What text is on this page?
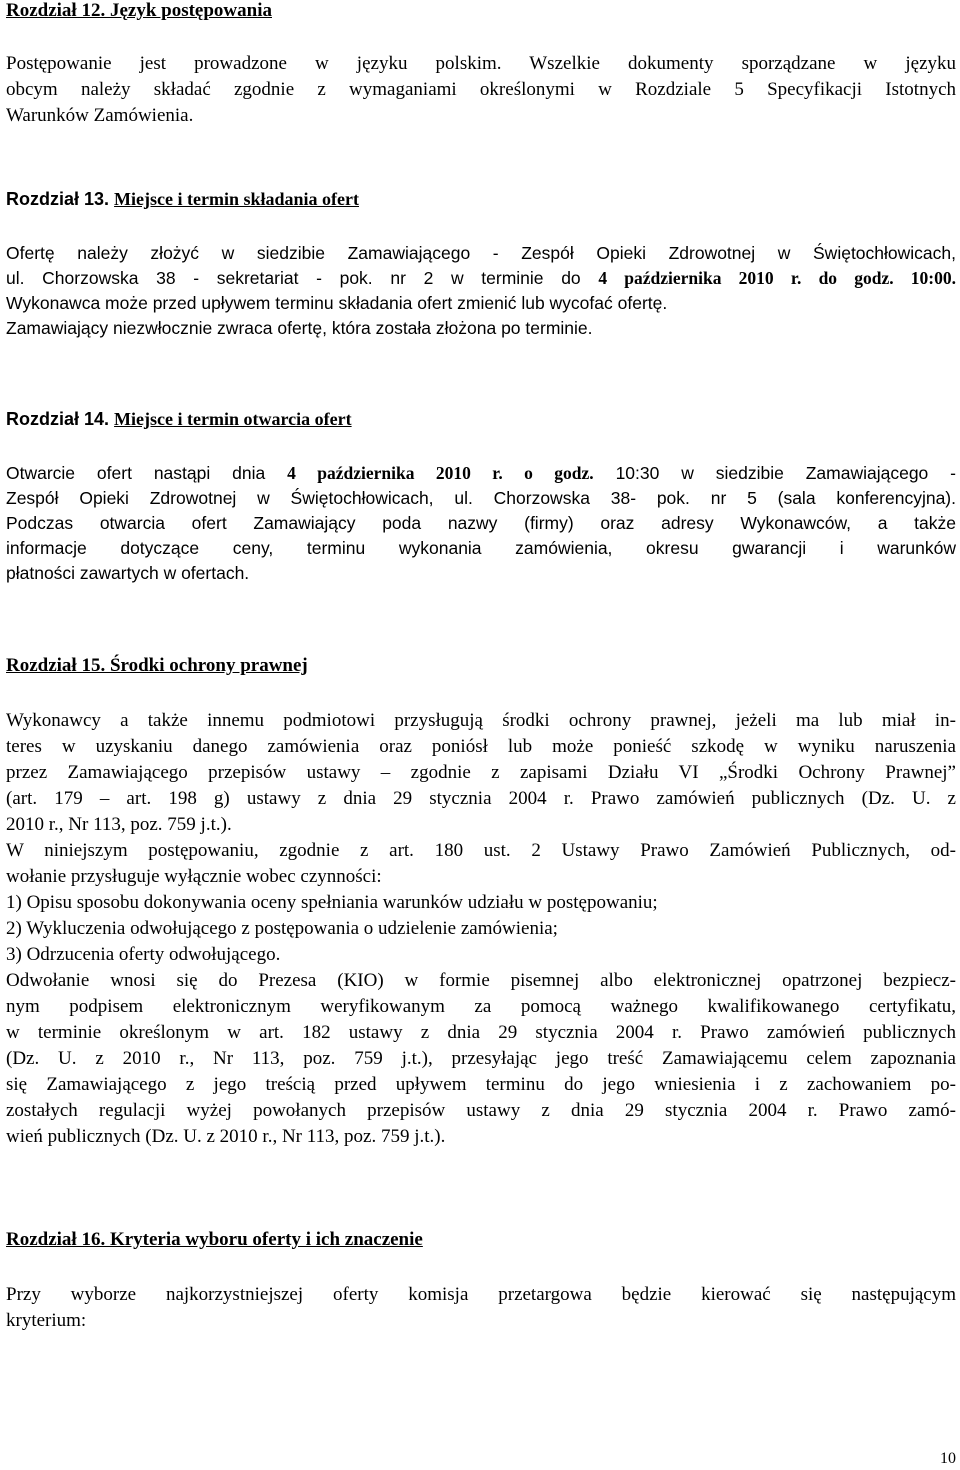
Rozdział 12. Język postępowania
Postępowanie jest prowadzone w języku polskim. Wszelkie dokumenty sporządzane w języku
obcym należy składać zgodnie z wymaganiami określonymi w Rozdziale 5 Specyfikacji Istotnych
Warunków Zamówienia.
Rozdział 13. Miejsce i termin składania ofert
Ofertę należy złożyć w siedzibie Zamawiającego - Zespół Opieki Zdrowotnej w Świętochłowicach,
ul. Chorzowska 38 - sekretariat - pok. nr 2 w terminie do 4 października 2010 r. do godz. 10:00.
Wykonawca może przed upływem terminu składania ofert zmienić lub wycofać ofertę.
Zamawiający niezwłocznie zwraca ofertę, która została złożona po terminie.
Rozdział 14. Miejsce i termin otwarcia ofert
Otwarcie ofert nastąpi dnia 4 października 2010 r. o godz. 10:30 w siedzibie Zamawiającego -
Zespół Opieki Zdrowotnej w Świętochłowicach, ul. Chorzowska 38- pok. nr 5 (sala konferencyjna).
Podczas otwarcia ofert Zamawiający poda nazwy (firmy) oraz adresy Wykonawców, a także
informacje dotyczące ceny, terminu wykonania zamówienia, okresu gwarancji i warunków
płatności zawartych w ofertach.
Rozdział 15. Środki ochrony prawnej
Wykonawcy a także innemu podmiotowi przysługują środki ochrony prawnej, jeżeli ma lub miał in-
teres w uzyskaniu danego zamówienia oraz poniósł lub może ponieść szkodę w wyniku naruszenia
przez Zamawiającego przepisów ustawy – zgodnie z zapisami Działu VI „Środki Ochrony Prawnej”
(art. 179 – art. 198 g) ustawy z dnia 29 stycznia 2004 r. Prawo zamówień publicznych (Dz. U. z
2010 r., Nr 113, poz. 759 j.t.).
W niniejszym postępowaniu, zgodnie z art. 180 ust. 2 Ustawy Prawo Zamówień Publicznych, od-
wołanie przysługuje wyłącznie wobec czynności:
1) Opisu sposobu dokonywania oceny spełniania warunków udziału w postępowaniu;
2) Wykluczenia odwołującego z postępowania o udzielenie zamówienia;
3) Odrzucenia oferty odwołującego.
Odwołanie wnosi się do Prezesa (KIO) w formie pisemnej albo elektronicznej opatrzonej bezpiecz-
nym podpisem elektronicznym weryfikowanym za pomocą ważnego kwalifikowanego certyfikatu,
w terminie określonym w art. 182 ustawy z dnia 29 stycznia 2004 r. Prawo zamówień publicznych
(Dz. U. z 2010 r., Nr 113, poz. 759 j.t.), przesyłając jego treść Zamawiającemu celem zapoznania
się Zamawiającego z jego treścią przed upływem terminu do jego wniesienia i z zachowaniem po-
zostałych regulacji wyżej powołanych przepisów ustawy z dnia 29 stycznia 2004 r. Prawo zamó-
wień publicznych (Dz. U. z 2010 r., Nr 113, poz. 759 j.t.).
Rozdział 16. Kryteria wyboru oferty i ich znaczenie
Przy wyborze najkorzystniejszej oferty komisja przetargowa będzie kierować się następującym
kryterium:
10
